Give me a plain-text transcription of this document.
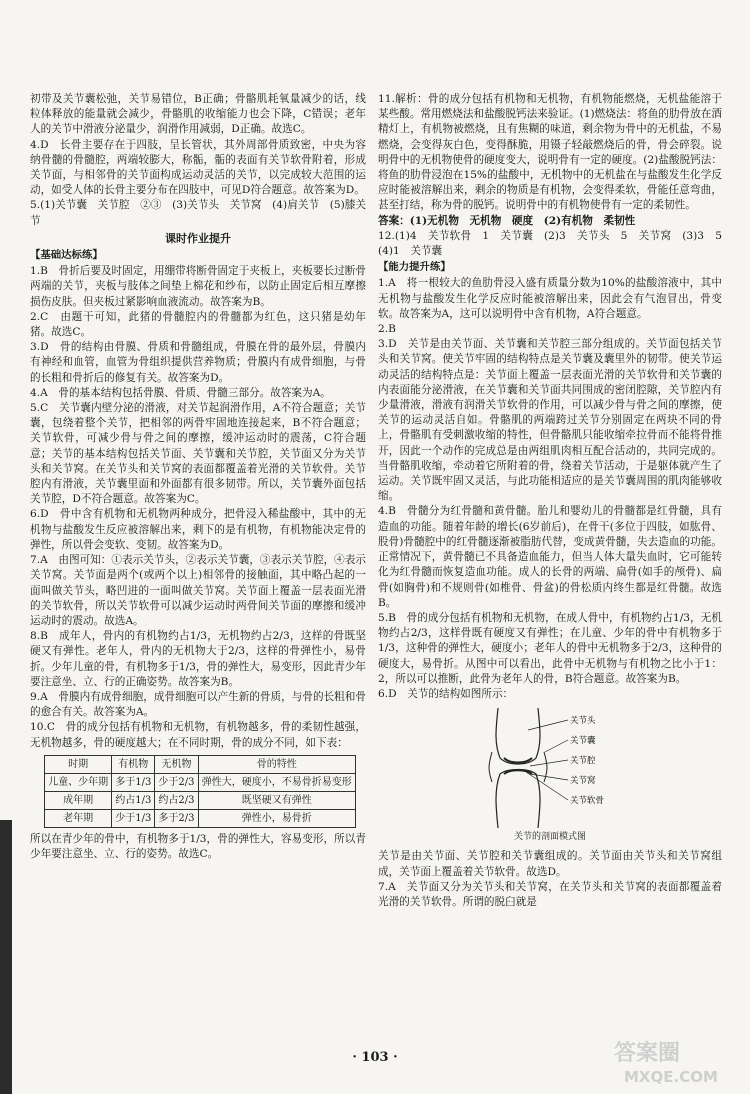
初带及关节囊松弛，关节易错位，B正确；骨骼肌耗氧量减少的话，线粒体释放的能量就会减少，骨骼肌的收缩能力也会下降，C错误；老年人的关节中滑液分泌量少，润滑作用减弱，D正确。故选C。

4.D　长骨主要存在于四肢，呈长管状，其外周部骨质致密，中央为容纳骨髓的骨髓腔，两端较膨大，称骺，骺的表面有关节软骨附着，形成关节面，与相邻骨的关节面构成运动灵活的关节，以完成较大范围的运动，如受人体的长骨主要分布在四肢中，可见D符合题意。故答案为D。

5.(1)关节囊　关节腔　②③　(3)关节头　关节窝　(4)肩关节　(5)膝关节

课时作业提升
【基础达标练】

1.B　骨折后要及时固定，用绷带将断骨固定于夹板上，夹板要长过断骨两端的关节，夹板与肢体之间垫上棉花和纱布，以防止固定后相互摩擦损伤皮肤。但夹板过紧影响血液流动。故答案为B。

2.C　由题干可知，此猪的骨髓腔内的骨髓都为红色，这只猪是幼年猪。故选C。

3.D　骨的结构由骨膜、骨质和骨髓组成，骨膜在骨的最外层，骨膜内有神经和血管，血管为骨组织提供营养物质；骨膜内有成骨细胞，与骨的长粗和骨折后的修复有关。故答案为D。

4.A　骨的基本结构包括骨膜、骨质、骨髓三部分。故答案为A。

5.C　关节囊内壁分泌的滑液，对关节起润滑作用，A不符合题意；关节囊，包绕着整个关节，把相邻的两骨牢固地连接起来，B不符合题意；关节软骨，可减少骨与骨之间的摩擦，缓冲运动时的震荡，C符合题意；关节的基本结构包括关节面、关节囊和关节腔，关节面又分为关节头和关节窝。在关节头和关节窝的表面都覆盖着光滑的关节软骨。关节腔内有滑液，关节囊里面和外面都有很多韧带。所以，关节囊外面包括关节腔，D不符合题意。故答案为C。

6.D　骨中含有机物和无机物两种成分，把骨浸入稀盐酸中，其中的无机物与盐酸发生反应被溶解出来，剩下的是有机物，有机物能决定骨的弹性，所以骨会变软、变韧。故答案为D。

7.A　由图可知：①表示关节头，②表示关节囊，③表示关节腔，④表示关节窝。关节面是两个(或两个以上)相邻骨的接触面，其中略凸起的一面叫做关节头，略凹进的一面叫做关节窝。关节面上覆盖一层表面光滑的关节软骨，所以关节软骨可以减少运动时两骨间关节面的摩擦和缓冲运动时的震动。故选A。

8.B　成年人，骨内的有机物约占1/3，无机物约占2/3，这样的骨既坚硬又有弹性。老年人，骨内的无机物大于2/3，这样的骨弹性小，易骨折。少年儿童的骨，有机物多于1/3，骨的弹性大，易变形，因此青少年要注意坐、立、行的正确姿势。故答案为B。

9.A　骨膜内有成骨细胞，成骨细胞可以产生新的骨质，与骨的长粗和骨的愈合有关。故答案为A。

10.C　骨的成分包括有机物和无机物，有机物越多，骨的柔韧性越强，无机物越多，骨的硬度越大；在不同时期，骨的成分不同，如下表：

时期	有机物	无机物	骨的特性
儿童、少年期	多于1/3	少于2/3	弹性大，硬度小，不易骨折易变形
成年期	约占1/3	约占2/3	既坚硬又有弹性
老年期	少于1/3	多于2/3	弹性小，易骨折

所以在青少年的骨中，有机物多于1/3，骨的弹性大，容易变形，所以青少年要注意坐、立、行的姿势。故选C。

11.解析：骨的成分包括有机物和无机物，有机物能燃烧，无机盐能溶于某些酸。常用燃烧法和盐酸脱钙法来验证。(1)燃烧法：将鱼的肋骨放在酒精灯上，有机物被燃烧，且有焦糊的味道，剩余物为骨中的无机盐，不易燃烧，会变得灰白色，变得酥脆，用镊子轻敲燃烧后的骨，骨会碎裂。说明骨中的无机物使骨的硬度变大，说明骨有一定的硬度。(2)盐酸脱钙法：将鱼的肋骨浸泡在15%的盐酸中，无机物中的无机盐在与盐酸发生化学反应时能被溶解出来，剩余的物质是有机物，会变得柔软，骨能任意弯曲，甚至打结，称为骨的脱钙。说明骨中的有机物使骨有一定的柔韧性。

答案：(1)无机物　无机物　硬度　(2)有机物　柔韧性

12.(1)4　关节软骨　1　关节囊　(2)3　关节头　5　关节窝　(3)3　5　(4)1　关节囊

【能力提升练】

1.A　将一根较大的鱼肋骨浸入盛有质量分数为10%的盐酸溶液中，其中无机物与盐酸发生化学反应时能被溶解出来，因此会有气泡冒出，骨变软。故答案为A，这可以说明骨中含有机物，A符合题意。

2.B

3.D　关节是由关节面、关节囊和关节腔三部分组成的。关节面包括关节头和关节窝。使关节牢固的结构特点是关节囊及囊里外的韧带。使关节运动灵活的结构特点是：关节面上覆盖一层表面光滑的关节软骨和关节囊的内表面能分泌滑液，在关节囊和关节面共同围成的密闭腔隙，关节腔内有少量滑液，滑液有润滑关节软骨的作用，可以减少骨与骨之间的摩擦，使关节的运动灵活自如。骨骼肌的两端跨过关节分别固定在两块不同的骨上，骨骼肌有受刺激收缩的特性，但骨骼肌只能收缩牵拉骨而不能将骨推开，因此一个动作的完成总是由两组肌肉相互配合活动的，共同完成的。当骨骼肌收缩，牵动着它所附着的骨，绕着关节活动，于是躯体就产生了运动。关节既牢固又灵活，与此功能相适应的是关节囊周围的肌肉能够收缩。

4.B　骨髓分为红骨髓和黄骨髓。胎儿和婴幼儿的骨髓都是红骨髓，具有造血的功能。随着年龄的增长(6岁前后)，在骨干(多位于四肢，如肱骨、股骨)骨髓腔中的红骨髓逐渐被脂肪代替，变成黄骨髓，失去造血的功能。正常情况下，黄骨髓已不具备造血能力，但当人体大量失血时，它可能转化为红骨髓而恢复造血功能。成人的长骨的两端、扁骨(如手的颅骨)、扁骨(如胸骨)和不规则骨(如椎骨、骨盆)的骨松质内终生都是红骨髓。故选B。

5.B　骨的成分包括有机物和无机物，在成人骨中，有机物约占1/3，无机物约占2/3，这样骨既有硬度又有弹性；在儿童、少年的骨中有机物多于1/3，这种骨的弹性大，硬度小；老年人的骨中无机物多于2/3，这种骨的硬度大，易骨折。从图中可以看出，此骨中无机物与有机物之比小于1：2，所以可以推断，此骨为老年人的骨，B符合题意。故答案为B。

6.D　关节的结构如图所示：

关节头
关节囊
关节腔
关节窝
关节软骨
关节的剖面模式图

关节是由关节面、关节腔和关节囊组成的。关节面由关节头和关节窝组成，关节面上覆盖着关节软骨。故选D。

7.A　关节面又分为关节头和关节窝，在关节头和关节窝的表面都覆盖着光滑的关节软骨。所谓的脱臼就是

· 103 ·	答案圈
MXQE.COM
